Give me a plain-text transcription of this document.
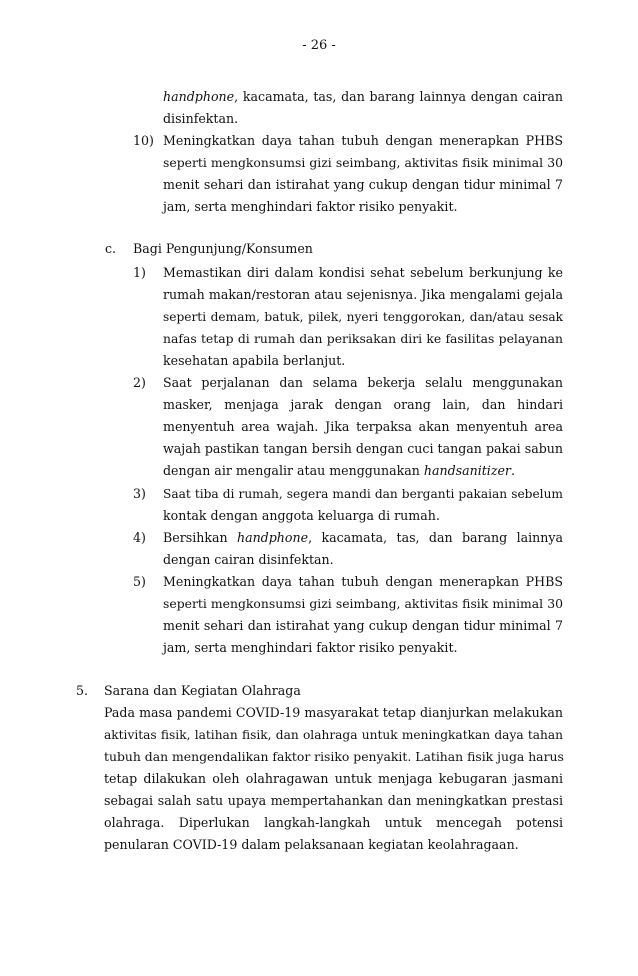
- 26 -
handphone, kacamata, tas, dan barang lainnya dengan cairan
disinfektan.
10) Meningkatkan daya tahan tubuh dengan menerapkan PHBS
seperti mengkonsumsi gizi seimbang, aktivitas fisik minimal 30
menit sehari dan istirahat yang cukup dengan tidur minimal 7
jam, serta menghindari faktor risiko penyakit.
c. Bagi Pengunjung/Konsumen
1) Memastikan diri dalam kondisi sehat sebelum berkunjung ke
rumah makan/restoran atau sejenisnya. Jika mengalami gejala
seperti demam, batuk, pilek, nyeri tenggorokan, dan/atau sesak
nafas tetap di rumah dan periksakan diri ke fasilitas pelayanan
kesehatan apabila berlanjut.
2) Saat perjalanan dan selama bekerja selalu menggunakan
masker, menjaga jarak dengan orang lain, dan hindari
menyentuh area wajah. Jika terpaksa akan menyentuh area
wajah pastikan tangan bersih dengan cuci tangan pakai sabun
dengan air mengalir atau menggunakan handsanitizer.
3) Saat tiba di rumah, segera mandi dan berganti pakaian sebelum
kontak dengan anggota keluarga di rumah.
4) Bersihkan handphone, kacamata, tas, dan barang lainnya
dengan cairan disinfektan.
5) Meningkatkan daya tahan tubuh dengan menerapkan PHBS
seperti mengkonsumsi gizi seimbang, aktivitas fisik minimal 30
menit sehari dan istirahat yang cukup dengan tidur minimal 7
jam, serta menghindari faktor risiko penyakit.
5. Sarana dan Kegiatan Olahraga
Pada masa pandemi COVID-19 masyarakat tetap dianjurkan melakukan
aktivitas fisik, latihan fisik, dan olahraga untuk meningkatkan daya tahan
tubuh dan mengendalikan faktor risiko penyakit. Latihan fisik juga harus
tetap dilakukan oleh olahragawan untuk menjaga kebugaran jasmani
sebagai salah satu upaya mempertahankan dan meningkatkan prestasi
olahraga. Diperlukan langkah-langkah untuk mencegah potensi
penularan COVID-19 dalam pelaksanaan kegiatan keolahragaan.
